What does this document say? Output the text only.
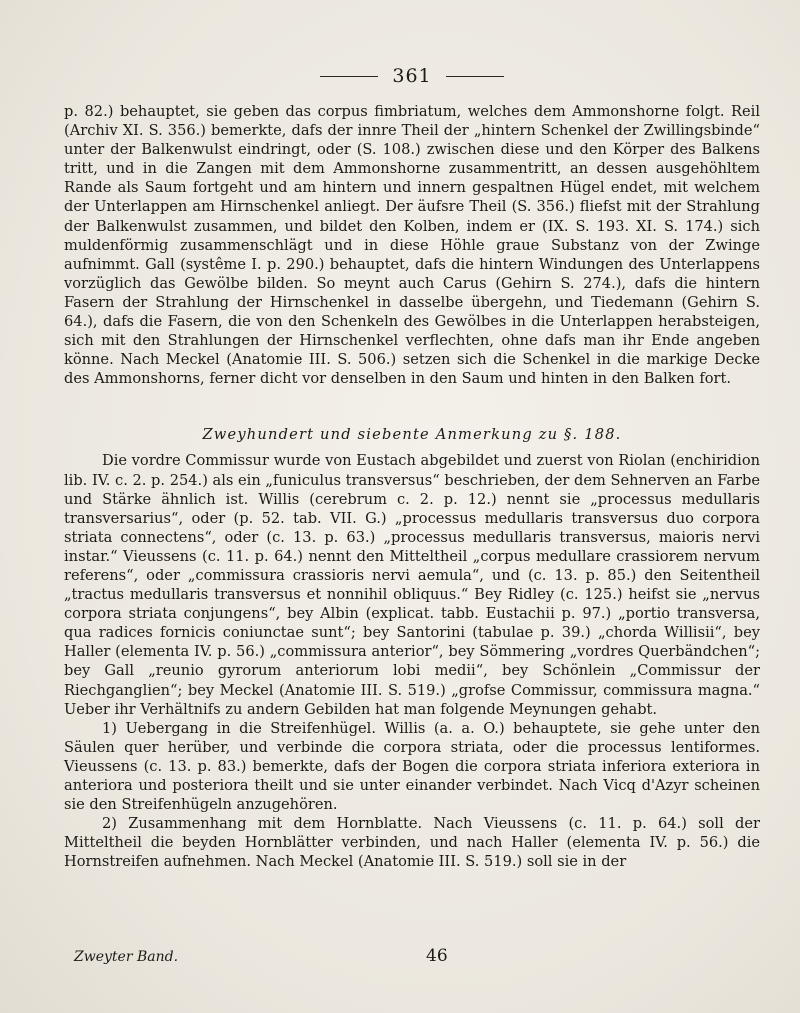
361

p. 82.) behauptet, sie geben das corpus fimbriatum, welches dem Ammonshorne folgt. Reil (Archiv XI. S. 356.) bemerkte, dafs der innre Theil der „hintern Schenkel der Zwillingsbinde“ unter der Balkenwulst eindringt, oder (S. 108.) zwischen diese und den Körper des Balkens tritt, und in die Zangen mit dem Ammonshorne zusammentritt, an dessen ausgehöhltem Rande als Saum fortgeht und am hintern und innern gespaltnen Hügel endet, mit welchem der Unterlappen am Hirnschenkel anliegt. Der äufsre Theil (S. 356.) fliefst mit der Strahlung der Balkenwulst zusammen, und bildet den Kolben, indem er (IX. S. 193. XI. S. 174.) sich muldenförmig zusammenschlägt und in diese Höhle graue Substanz von der Zwinge aufnimmt. Gall (systême I. p. 290.) behauptet, dafs die hintern Windungen des Unterlappens vorzüglich das Gewölbe bilden. So meynt auch Carus (Gehirn S. 274.), dafs die hintern Fasern der Strahlung der Hirnschenkel in dasselbe übergehn, und Tiedemann (Gehirn S. 64.), dafs die Fasern, die von den Schenkeln des Gewölbes in die Unterlappen herabsteigen, sich mit den Strahlungen der Hirnschenkel verflechten, ohne dafs man ihr Ende angeben könne. Nach Meckel (Anatomie III. S. 506.) setzen sich die Schenkel in die markige Decke des Ammonshorns, ferner dicht vor denselben in den Saum und hinten in den Balken fort.

Zweyhundert und siebente Anmerkung zu §. 188.

Die vordre Commissur wurde von Eustach abgebildet und zuerst von Riolan (enchiridion lib. IV. c. 2. p. 254.) als ein „funiculus transversus“ beschrieben, der dem Sehnerven an Farbe und Stärke ähnlich ist. Willis (cerebrum c. 2. p. 12.) nennt sie „processus medullaris transversarius“, oder (p. 52. tab. VII. G.) „processus medullaris transversus duo corpora striata connectens“, oder (c. 13. p. 63.) „processus medullaris transversus, maioris nervi instar.“ Vieussens (c. 11. p. 64.) nennt den Mitteltheil „corpus medullare crassiorem nervum referens“, oder „commissura crassioris nervi aemula“, und (c. 13. p. 85.) den Seitentheil „tractus medullaris transversus et nonnihil obliquus.“ Bey Ridley (c. 125.) heifst sie „nervus corpora striata conjungens“, bey Albin (explicat. tabb. Eustachii p. 97.) „portio transversa, qua radices fornicis coniunctae sunt“; bey Santorini (tabulae p. 39.) „chorda Willisii“, bey Haller (elementa IV. p. 56.) „commissura anterior“, bey Sömmering „vordres Querbändchen“; bey Gall „reunio gyrorum anteriorum lobi medii“, bey Schönlein „Commissur der Riechganglien“; bey Meckel (Anatomie III. S. 519.) „grofse Commissur, commissura magna.“ Ueber ihr Verhältnifs zu andern Gebilden hat man folgende Meynungen gehabt.

1) Uebergang in die Streifenhügel. Willis (a. a. O.) behauptete, sie gehe unter den Säulen quer herüber, und verbinde die corpora striata, oder die processus lentiformes. Vieussens (c. 13. p. 83.) bemerkte, dafs der Bogen die corpora striata inferiora exteriora in anteriora und posteriora theilt und sie unter einander verbindet. Nach Vicq d'Azyr scheinen sie den Streifenhügeln anzugehören.

2) Zusammenhang mit dem Hornblatte. Nach Vieussens (c. 11. p. 64.) soll der Mitteltheil die beyden Hornblätter verbinden, und nach Haller (elementa IV. p. 56.) die Hornstreifen aufnehmen. Nach Meckel (Anatomie III. S. 519.) soll sie in der

Zweyter Band.	46
